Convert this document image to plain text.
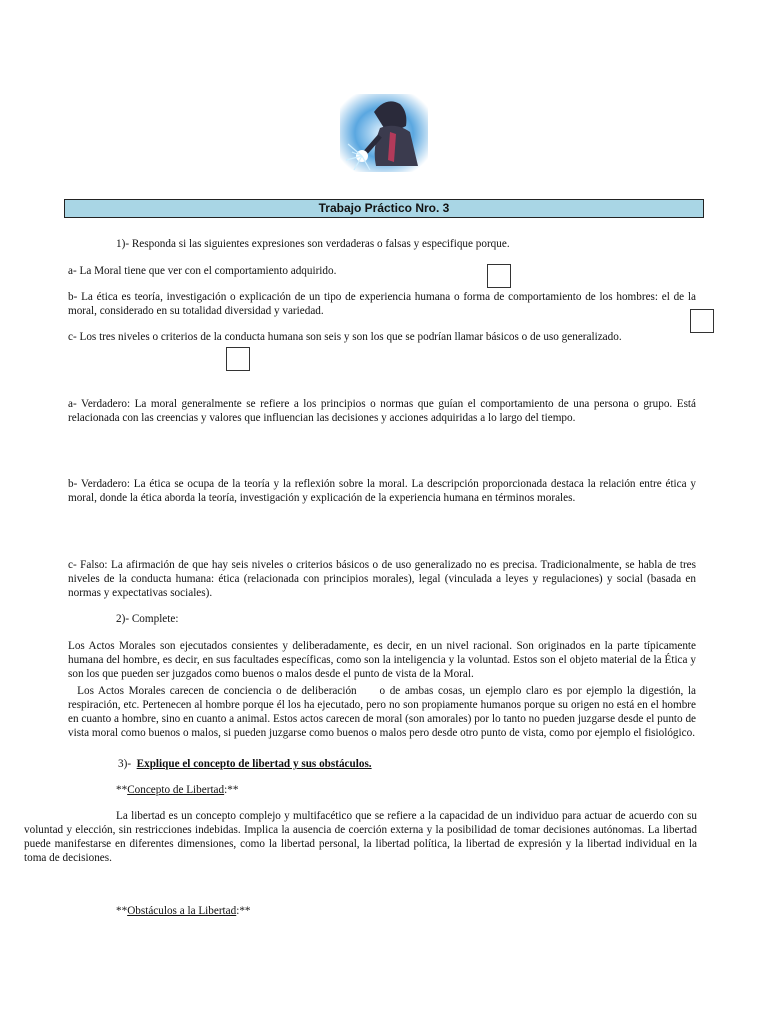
Trabajo Práctico Nro. 3
1)- Responda si las siguientes expresiones son verdaderas o falsas y especifique porque.
a- La Moral tiene que ver con el comportamiento adquirido.
b- La ética es teoría, investigación o explicación de un tipo de experiencia humana o forma de comportamiento de los hombres: el de la moral, considerado en su totalidad diversidad y variedad.
c- Los tres niveles o criterios de la conducta humana son seis y son los que se podrían llamar básicos o de uso generalizado.
a- Verdadero: La moral generalmente se refiere a los principios o normas que guían el comportamiento de una persona o grupo. Está relacionada con las creencias y valores que influencian las decisiones y acciones adquiridas a lo largo del tiempo.
b- Verdadero: La ética se ocupa de la teoría y la reflexión sobre la moral. La descripción proporcionada destaca la relación entre ética y moral, donde la ética aborda la teoría, investigación y explicación de la experiencia humana en términos morales.
c- Falso: La afirmación de que hay seis niveles o criterios básicos o de uso generalizado no es precisa. Tradicionalmente, se habla de tres niveles de la conducta humana: ética (relacionada con principios morales), legal (vinculada a leyes y regulaciones) y social (basada en normas y expectativas sociales).
2)- Complete:
Los Actos Morales son ejecutados consientes y deliberadamente, es decir, en un nivel racional. Son originados en la parte típicamente humana del hombre, es decir, en sus facultades específicas, como son la inteligencia y la voluntad. Estos son el objeto material de la Ética y son los que pueden ser juzgados como buenos o malos desde el punto de vista de la Moral.
Los Actos Morales carecen de conciencia o de deliberación     o de ambas cosas, un ejemplo claro es por ejemplo la digestión, la respiración, etc. Pertenecen al hombre porque él los ha ejecutado, pero no son propiamente humanos porque su origen no está en el hombre en cuanto a hombre, sino en cuanto a animal. Estos actos carecen de moral (son amorales) por lo tanto no pueden juzgarse desde el punto de vista moral como buenos o malos, si pueden juzgarse como buenos o malos pero desde otro punto de vista, como por ejemplo el fisiológico.
3)- Explique el concepto de libertad y sus obstáculos.
**Concepto de Libertad:**
La libertad es un concepto complejo y multifacético que se refiere a la capacidad de un individuo para actuar de acuerdo con su voluntad y elección, sin restricciones indebidas. Implica la ausencia de coerción externa y la posibilidad de tomar decisiones autónomas. La libertad puede manifestarse en diferentes dimensiones, como la libertad personal, la libertad política, la libertad de expresión y la libertad individual en la toma de decisiones.
**Obstáculos a la Libertad:**
